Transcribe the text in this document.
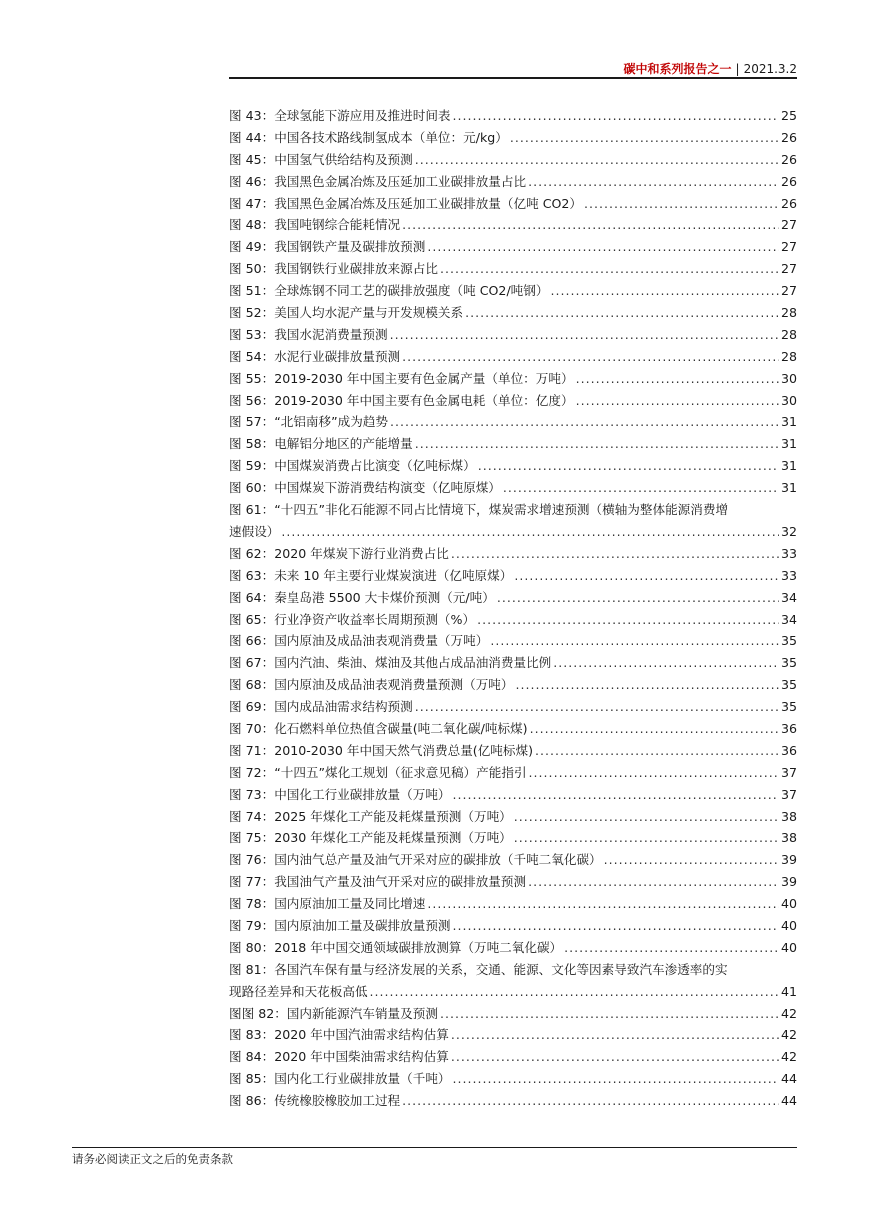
碳中和系列报告之一 | 2021.3.2
图 43：全球氢能下游应用及推进时间表 .....	25
图 44：中国各技术路线制氢成本（单位：元/kg） .....	26
图 45：中国氢气供给结构及预测 .....	26
图 46：我国黑色金属冶炼及压延加工业碳排放量占比 .....	26
图 47：我国黑色金属冶炼及压延加工业碳排放量（亿吨 CO2） .....	26
图 48：我国吨钢综合能耗情况 .....	27
图 49：我国钢铁产量及碳排放预测 .....	27
图 50：我国钢铁行业碳排放来源占比 .....	27
图 51：全球炼钢不同工艺的碳排放强度（吨 CO2/吨钢） .....	27
图 52：美国人均水泥产量与开发规模关系 .....	28
图 53：我国水泥消费量预测 .....	28
图 54：水泥行业碳排放量预测 .....	28
图 55：2019-2030 年中国主要有色金属产量（单位：万吨） .....	30
图 56：2019-2030 年中国主要有色金属电耗（单位：亿度） .....	30
图 57：“北铝南移”成为趋势 .....	31
图 58：电解铝分地区的产能增量 .....	31
图 59：中国煤炭消费占比演变（亿吨标煤） .....	31
图 60：中国煤炭下游消费结构演变（亿吨原煤） .....	31
图 61：“十四五”非化石能源不同占比情境下，煤炭需求增速预测（横轴为整体能源消费增
速假设） .....	32
图 62：2020 年煤炭下游行业消费占比 .....	33
图 63：未来 10 年主要行业煤炭演进（亿吨原煤） .....	33
图 64：秦皇岛港 5500 大卡煤价预测（元/吨） .....	34
图 65：行业净资产收益率长周期预测（%） .....	34
图 66：国内原油及成品油表观消费量（万吨） .....	35
图 67：国内汽油、柴油、煤油及其他占成品油消费量比例 .....	35
图 68：国内原油及成品油表观消费量预测（万吨） .....	35
图 69：国内成品油需求结构预测 .....	35
图 70：化石燃料单位热值含碳量(吨二氧化碳/吨标煤) .....	36
图 71：2010-2030 年中国天然气消费总量(亿吨标煤) .....	36
图 72：“十四五”煤化工规划（征求意见稿）产能指引 .....	37
图 73：中国化工行业碳排放量（万吨） .....	37
图 74：2025 年煤化工产能及耗煤量预测（万吨） .....	38
图 75：2030 年煤化工产能及耗煤量预测（万吨） .....	38
图 76：国内油气总产量及油气开采对应的碳排放（千吨二氧化碳） .....	39
图 77：我国油气产量及油气开采对应的碳排放量预测 .....	39
图 78：国内原油加工量及同比增速 .....	40
图 79：国内原油加工量及碳排放量预测 .....	40
图 80：2018 年中国交通领域碳排放测算（万吨二氧化碳） .....	40
图 81：各国汽车保有量与经济发展的关系，交通、能源、文化等因素导致汽车渗透率的实
现路径差异和天花板高低 .....	41
图图 82：国内新能源汽车销量及预测 .....	42
图 83：2020 年中国汽油需求结构估算 .....	42
图 84：2020 年中国柴油需求结构估算 .....	42
图 85：国内化工行业碳排放量（千吨） .....	44
图 86：传统橡胶橡胶加工过程 .....	44
请务必阅读正文之后的免责条款
